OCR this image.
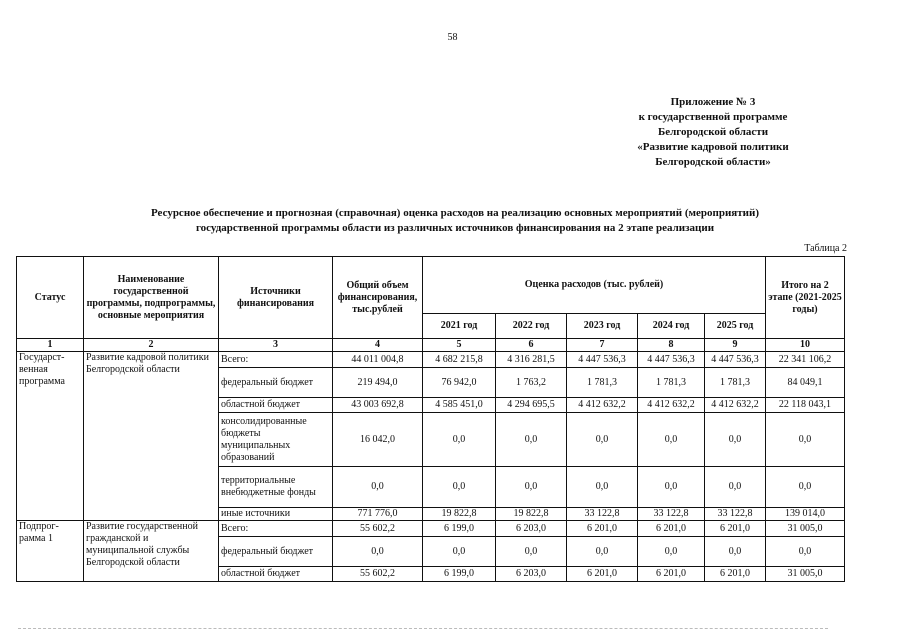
58
Приложение № 3
к государственной программе
Белгородской области
«Развитие кадровой политики
Белгородской области»
Ресурсное обеспечение и прогнозная (справочная) оценка расходов на реализацию основных мероприятий (мероприятий)
государственной программы области из различных источников финансирования на 2 этапе реализации
Таблица 2
Статус	Наименование государственной программы, подпрограммы, основные мероприятия	Источники финансирования	Общий объем финансирования, тыс.рублей	Оценка расходов (тыс. рублей)					Итого на 2 этапе (2021-2025 годы)
				2021 год	2022 год	2023 год	2024 год	2025 год	
1	2	3	4	5	6	7	8	9	10
Государст-венная программа	Развитие кадровой политики Белгородской области	Всего:	44 011 004,8	4 682 215,8	4 316 281,5	4 447 536,3	4 447 536,3	4 447 536,3	22 341 106,2
		федеральный бюджет	219 494,0	76 942,0	1 763,2	1 781,3	1 781,3	1 781,3	84 049,1
		областной бюджет	43 003 692,8	4 585 451,0	4 294 695,5	4 412 632,2	4 412 632,2	4 412 632,2	22 118 043,1
		консолидированные бюджеты муниципальных образований	16 042,0	0,0	0,0	0,0	0,0	0,0	0,0
		территориальные внебюджетные фонды	0,0	0,0	0,0	0,0	0,0	0,0	0,0
		иные источники	771 776,0	19 822,8	19 822,8	33 122,8	33 122,8	33 122,8	139 014,0
Подпрог-рамма 1	Развитие государственной гражданской и муниципальной службы Белгородской области	Всего:	55 602,2	6 199,0	6 203,0	6 201,0	6 201,0	6 201,0	31 005,0
		федеральный бюджет	0,0	0,0	0,0	0,0	0,0	0,0	0,0
		областной бюджет	55 602,2	6 199,0	6 203,0	6 201,0	6 201,0	6 201,0	31 005,0
